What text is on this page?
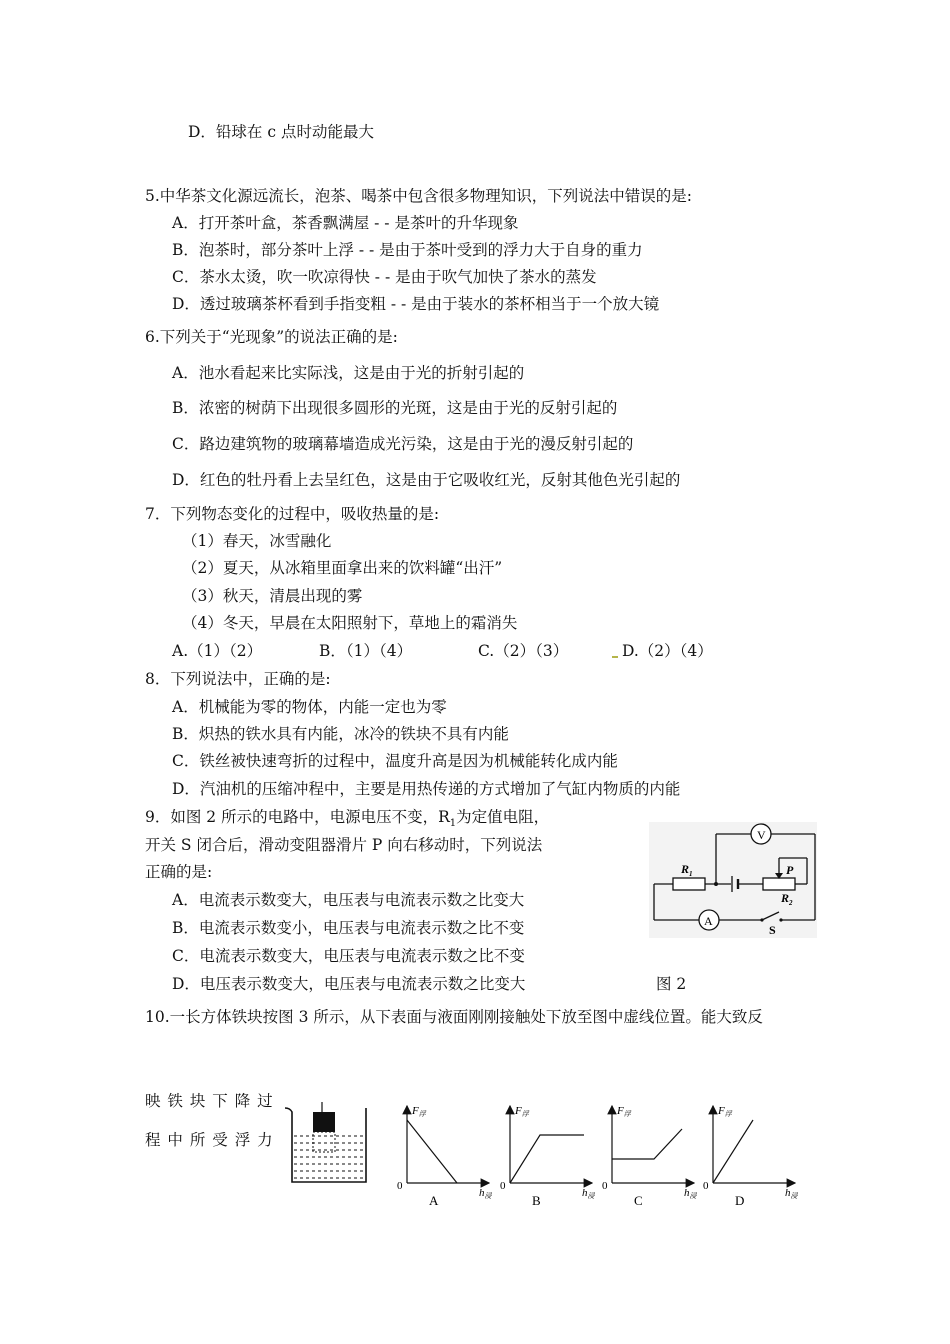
D．铅球在 c 点时动能最大
5.中华茶文化源远流长，泡茶、喝茶中包含很多物理知识，下列说法中错误的是:
A．打开茶叶盒，茶香飘满屋 - - 是茶叶的升华现象
B．泡茶时，部分茶叶上浮 - - 是由于茶叶受到的浮力大于自身的重力
C．茶水太烫，吹一吹凉得快 - - 是由于吹气加快了茶水的蒸发
D．透过玻璃茶杯看到手指变粗 - - 是由于装水的茶杯相当于一个放大镜
6.下列关于“光现象”的说法正确的是:
A．池水看起来比实际浅，这是由于光的折射引起的
B．浓密的树荫下出现很多圆形的光斑，这是由于光的反射引起的
C．路边建筑物的玻璃幕墙造成光污染，这是由于光的漫反射引起的
D．红色的牡丹看上去呈红色，这是由于它吸收红光，反射其他色光引起的
7．下列物态变化的过程中，吸收热量的是:
（1）春天，冰雪融化
（2）夏天，从冰箱里面拿出来的饮料罐“出汗”
（3）秋天，清晨出现的雾
（4）冬天，早晨在太阳照射下，草地上的霜消失
A.（1）（2）	B．（1）（4）	C.（2）（3）	D.（2）（4）
8．下列说法中，正确的是:
A．机械能为零的物体，内能一定也为零
B．炽热的铁水具有内能，冰冷的铁块不具有内能
C．铁丝被快速弯折的过程中，温度升高是因为机械能转化成内能
D．汽油机的压缩冲程中，主要是用热传递的方式增加了气缸内物质的内能
9．如图 2 所示的电路中，电源电压不变，$R_1$为定值电阻，
开关 S 闭合后，滑动变阻器滑片 P 向右移动时，下列说法
正确的是:
A．电流表示数变大，电压表与电流表示数之比变大
B．电流表示数变小，电压表与电流表示数之比不变
C．电流表示数变大，电压表与电流表示数之比不变
D．电压表示数变大，电压表与电流表示数之比变大	图 2
V
A
$R_1$
$R_2$
P
S
10.一长方体铁块按图 3 所示，从下表面与液面刚刚接触处下放至图中虚线位置。能大致反
映 铁 块 下 降 过
程 中 所 受 浮 力
F浮
h浸
0
A
F浮
h浸
0
B
F浮
h浸
0
C
F浮
h浸
0
D
